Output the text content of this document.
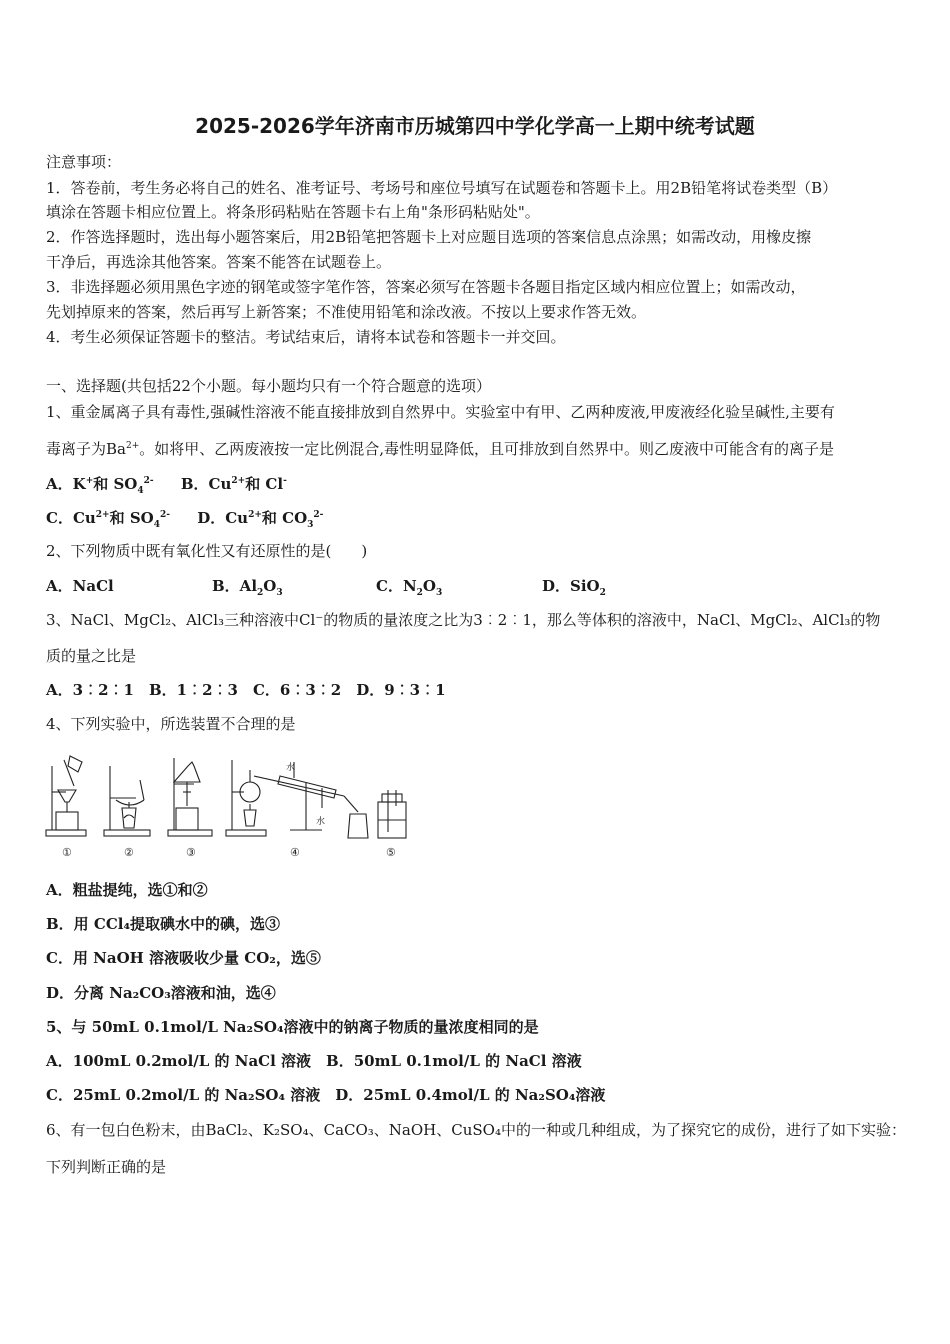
2025-2026学年济南市历城第四中学化学高一上期中统考试题
注意事项：
1．答卷前，考生务必将自己的姓名、准考证号、考场号和座位号填写在试题卷和答题卡上。用2B铅笔将试卷类型（B）
填涂在答题卡相应位置上。将条形码粘贴在答题卡右上角"条形码粘贴处"。
2．作答选择题时，选出每小题答案后，用2B铅笔把答题卡上对应题目选项的答案信息点涂黑；如需改动，用橡皮擦
干净后，再选涂其他答案。答案不能答在试题卷上。
3．非选择题必须用黑色字迹的钢笔或签字笔作答，答案必须写在答题卡各题目指定区域内相应位置上；如需改动，
先划掉原来的答案，然后再写上新答案；不准使用铅笔和涂改液。不按以上要求作答无效。
4．考生必须保证答题卡的整洁。考试结束后，请将本试卷和答题卡一并交回。
一、选择题(共包括22个小题。每小题均只有一个符合题意的选项）
1、重金属离子具有毒性,强碱性溶液不能直接排放到自然界中。实验室中有甲、乙两种废液,甲废液经化验呈碱性,主要有
毒离子为$Ba^{2+}$。如将甲、乙两废液按一定比例混合,毒性明显降低，且可排放到自然界中。则乙废液中可能含有的离子是
A．K+和 $SO_4^{2-}$ B．$Cu^{2+}$和 Cl-
C．$Cu^{2+}$和 $SO_4^{2-}$ D．$Cu^{2+}$和 $CO_3^{2-}$
2、下列物质中既有氧化性又有还原性的是(　　)
A．NaCl	B．$Al_2O_3$	C．$N_2O_3$	D．SiO$_2$
3、NaCl、MgCl₂、AlCl₃三种溶液中Cl⁻的物质的量浓度之比为3︰2︰1，那么等体积的溶液中，NaCl、MgCl₂、AlCl₃的物
质的量之比是
A．3︰2︰1　B．1︰2︰3　C．6︰3︰2　D．9︰3︰1
4、下列实验中，所选装置不合理的是
①	②	③	④	⑤
水
水
A．粗盐提纯，选①和②
B．用 CCl₄提取碘水中的碘，选③
C．用 NaOH 溶液吸收少量 CO₂，选⑤
D．分离 Na₂CO₃溶液和油，选④
5、与 50mL 0.1mol/L Na₂SO₄溶液中的钠离子物质的量浓度相同的是
A．100mL 0.2mol/L 的 NaCl 溶液　B．50mL 0.1mol/L 的 NaCl 溶液
C．25mL 0.2mol/L 的 Na₂SO₄ 溶液　D．25mL 0.4mol/L 的 Na₂SO₄溶液
6、有一包白色粉末，由BaCl₂、K₂SO₄、CaCO₃、NaOH、CuSO₄中的一种或几种组成，为了探究它的成份，进行了如下实验：
下列判断正确的是
